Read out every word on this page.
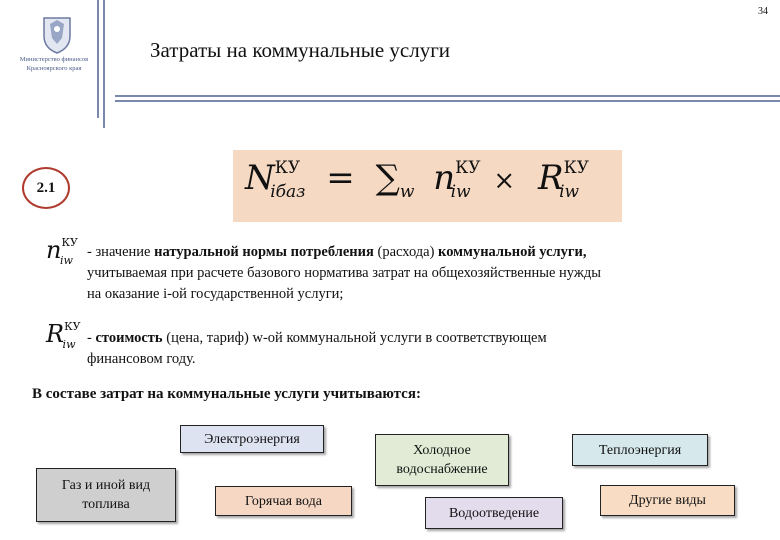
34
Министерство финансов
Красноярского края
Затраты на коммунальные услуги
$N^{КУ}_{iбаз} = \sum_w$ $n^{КУ}_{iw} \times R^{КУ}_{iw}$
2.1
$n^{КУ}_{iw}$
- значение натуральной нормы потребления (расхода) коммунальной услуги,
учитываемая при расчете базового норматива затрат на общехозяйственные нужды
на оказание i-ой государственной услуги;
$R^{КУ}_{iw}$ - стоимость (цена, тариф) w-ой коммунальной услуги в соответствующем
финансовом году.
В составе затрат на коммунальные услуги учитываются:
Электроэнергия
Газ и иной вид топлива	Горячая вода
Холодное водоснабжение
Водоотведение
Теплоэнергия
Другие виды
